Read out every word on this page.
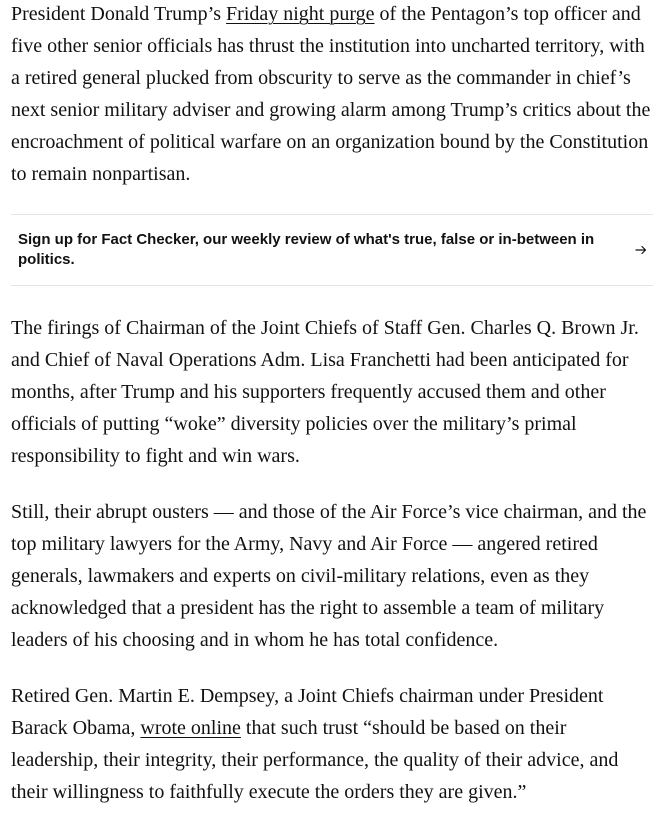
President Donald Trump’s Friday night purge of the Pentagon’s top officer and five other senior officials has thrust the institution into uncharted territory, with a retired general plucked from obscurity to serve as the commander in chief’s next senior military adviser and growing alarm among Trump’s critics about the encroachment of political warfare on an organization bound by the Constitution to remain nonpartisan.

Sign up for Fact Checker, our weekly review of what's true, false or in-between in politics.

The firings of Chairman of the Joint Chiefs of Staff Gen. Charles Q. Brown Jr. and Chief of Naval Operations Adm. Lisa Franchetti had been anticipated for months, after Trump and his supporters frequently accused them and other officials of putting “woke” diversity policies over the military’s primal responsibility to fight and win wars.

Still, their abrupt ousters — and those of the Air Force’s vice chairman, and the top military lawyers for the Army, Navy and Air Force — angered retired generals, lawmakers and experts on civil-military relations, even as they acknowledged that a president has the right to assemble a team of military leaders of his choosing and in whom he has total confidence.

Retired Gen. Martin E. Dempsey, a Joint Chiefs chairman under President Barack Obama, wrote online that such trust “should be based on their leadership, their integrity, their performance, the quality of their advice, and their willingness to faithfully execute the orders they are given.”
